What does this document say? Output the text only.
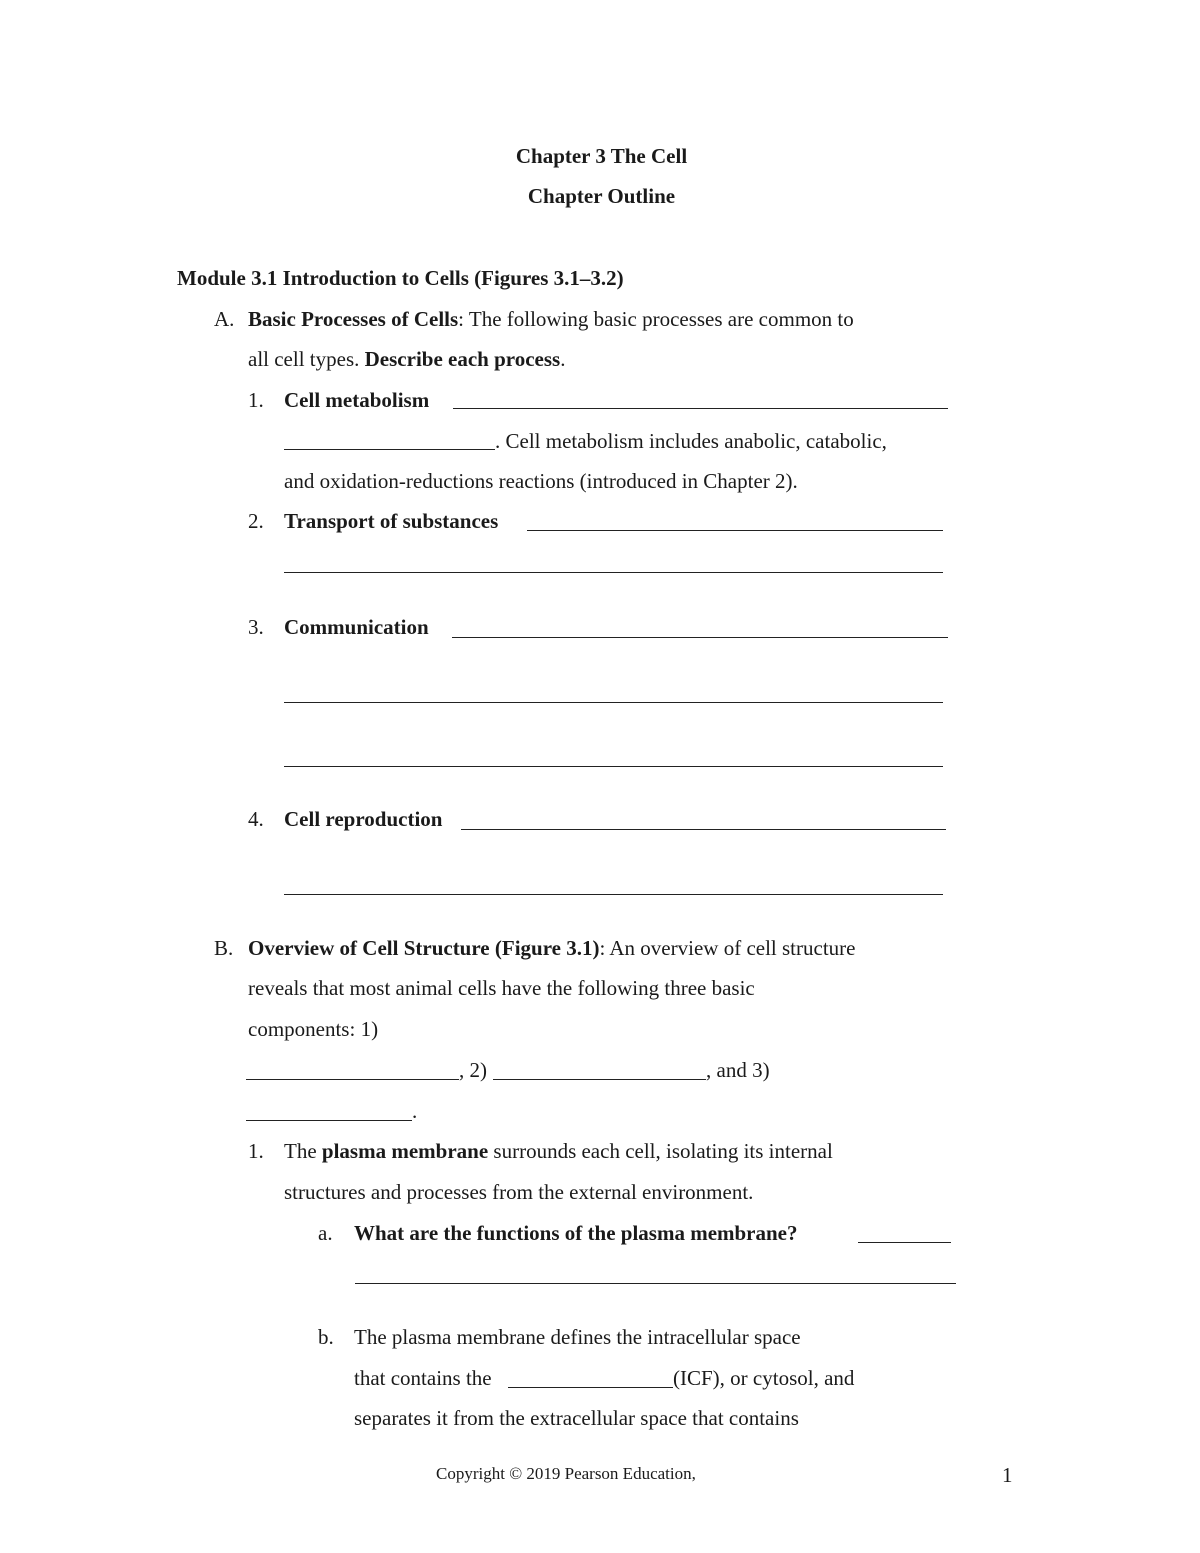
Chapter 3 The Cell
Chapter Outline
Module 3.1 Introduction to Cells (Figures 3.1–3.2)
A. Basic Processes of Cells: The following basic processes are common to
all cell types. Describe each process.
1. Cell metabolism
. Cell metabolism includes anabolic, catabolic,
and oxidation-reductions reactions (introduced in Chapter 2).
2. Transport of substances
3. Communication
4. Cell reproduction
B. Overview of Cell Structure (Figure 3.1): An overview of cell structure
reveals that most animal cells have the following three basic
components: 1)
, 2)	, and 3)
.
1. The plasma membrane surrounds each cell, isolating its internal
structures and processes from the external environment.
a. What are the functions of the plasma membrane?
b. The plasma membrane defines the intracellular space
that contains the	(ICF), or cytosol, and
separates it from the extracellular space that contains
Copyright © 2019 Pearson Education,	1
